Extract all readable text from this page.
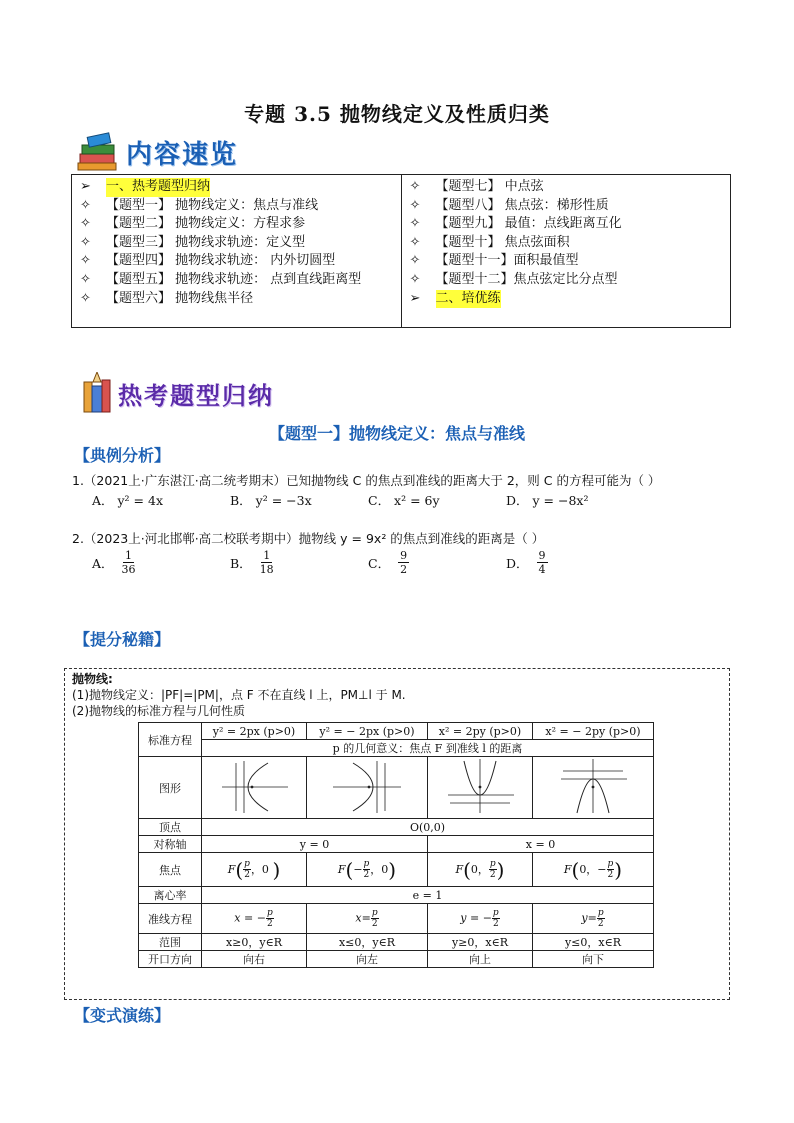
专题 3.5 抛物线定义及性质归类
内容速览
➢	一、热考题型归纳
✧	【题型一】 抛物线定义：焦点与准线
✧	【题型二】 抛物线定义：方程求参
✧	【题型三】 抛物线求轨迹：定义型
✧	【题型四】 抛物线求轨迹： 内外切圆型
✧	【题型五】 抛物线求轨迹： 点到直线距离型
✧	【题型六】 抛物线焦半径
✧	【题型七】 中点弦
✧	【题型八】 焦点弦：梯形性质
✧	【题型九】 最值：点线距离互化
✧	【题型十】 焦点弦面积
✧	【题型十一】面积最值型
✧	【题型十二】焦点弦定比分点型
➢	二、培优练
热考题型归纳
【题型一】抛物线定义：焦点与准线
【典例分析】
1.（2021上·广东湛江·高二统考期末）已知抛物线 C 的焦点到准线的距离大于 2，则 C 的方程可能为（ ）
A． y² = 4x	B． y² = −3x	C． x² = 6y	D． y = −8x²
2.（2023上·河北邯郸·高二校联考期中）抛物线 y = 9x² 的焦点到准线的距离是（ ）
A． $\frac{1}{36}$	B． $\frac{1}{18}$	C． $\frac{9}{2}$	D． $\frac{9}{4}$
【提分秘籍】
抛物线:
(1)抛物线定义：|PF|=|PM|，点 F 不在直线 l 上，PM⊥l 于 M.
(2)抛物线的标准方程与几何性质
标准方程	y² = 2px (p>0)	y² = − 2px (p>0)	x² = 2py (p>0)	x² = − 2py (p>0)
	p 的几何意义：焦点 F 到准线 l 的距离			
图形				
顶点	O(0,0)			
对称轴	y = 0		x = 0	
焦点	$F( \frac{p}{2}$ ，0 )	$F(- \frac{p}{2}$ ，0)	F(0， $\frac{p}{2}$ )	F(0，− $\frac{p}{2}$ )
离心率	e = 1			
准线方程	x = − $\frac{p}{2}$	$x= \frac{p}{2}$	y = − $\frac{p}{2}$	$y= \frac{p}{2}$

范围	x≥0，y∈R	x≤0，y∈R	y≥0，x∈R	y≤0，x∈R
开口方向	向右	向左	向上	向下
【变式演练】
